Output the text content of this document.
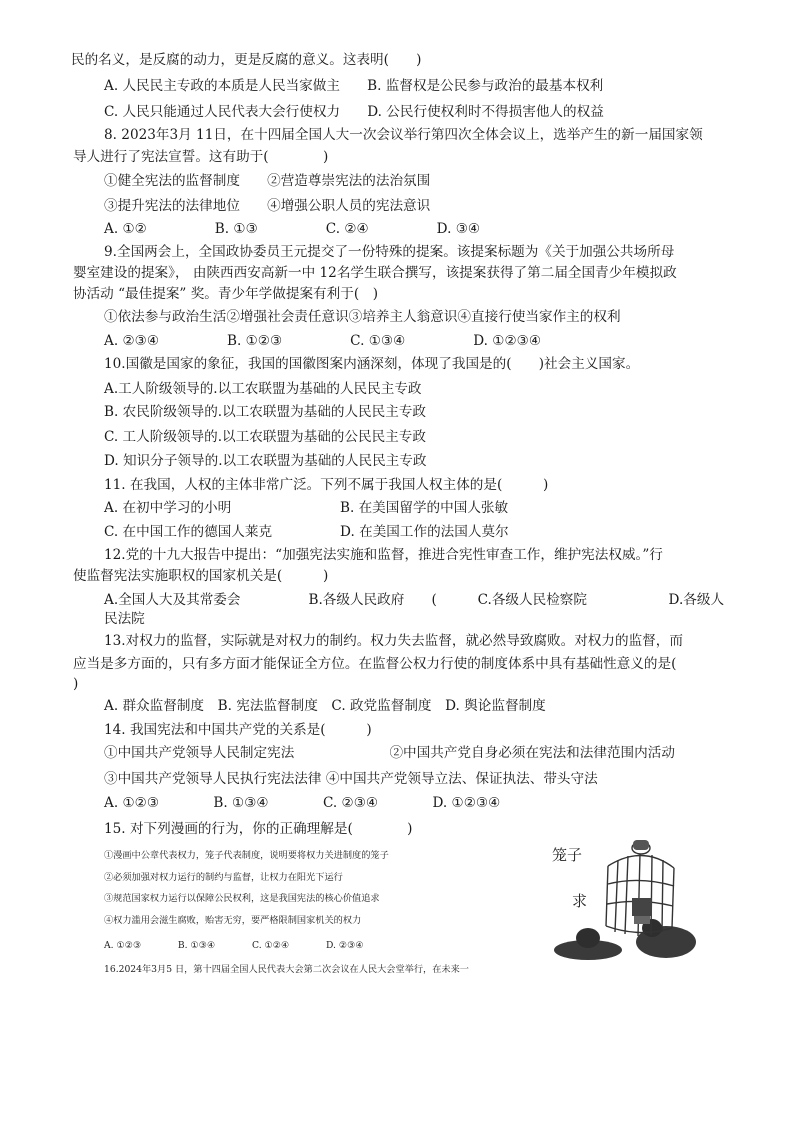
民的名义，是反腐的动力，更是反腐的意义。这表明(　　)
A. 人民民主专政的本质是人民当家做主　　B. 监督权是公民参与政治的最基本权利
C. 人民只能通过人民代表大会行使权力　　D. 公民行使权利时不得损害他人的权益
8. 2023年3月 11日，在十四届全国人大一次会议举行第四次全体会议上，选举产生的新一届国家领
导人进行了宪法宣誓。这有助于(　　　　)
①健全宪法的监督制度　　②营造尊崇宪法的法治氛围
③提升宪法的法律地位　　④增强公职人员的宪法意识
A. ①②　　　　　B. ①③　　　　　C. ②④　　　　　D. ③④
9.全国两会上，全国政协委员王元提交了一份特殊的提案。该提案标题为《关于加强公共场所母
婴室建设的提案》， 由陕西西安高新一中 12名学生联合撰写，该提案获得了第二届全国青少年模拟政
协活动 “最佳提案” 奖。青少年学做提案有利于(　)
①依法参与政治生活②增强社会责任意识③培养主人翁意识④直接行使当家作主的权利
A. ②③④　　　　　B. ①②③　　　　　C. ①③④　　　　　D. ①②③④
10.国徽是国家的象征，我国的国徽图案内涵深刻，体现了我国是的(　　)社会主义国家。
A.工人阶级领导的.以工农联盟为基础的人民民主专政
B. 农民阶级领导的.以工农联盟为基础的人民民主专政
C. 工人阶级领导的.以工农联盟为基础的公民民主专政
D. 知识分子领导的.以工农联盟为基础的人民民主专政
11. 在我国，人权的主体非常广泛。下列不属于我国人权主体的是(　　　)
A. 在初中学习的小明　　　　　　　　B. 在美国留学的中国人张敏
C. 在中国工作的德国人莱克　　　　　D. 在美国工作的法国人莫尔
12.党的十九大报告中提出：“加强宪法实施和监督，推进合宪性审查工作，维护宪法权威。”行
使监督宪法实施职权的国家机关是(　　　)
A.全国人大及其常委会　　　　　B.各级人民政府　　(　　　C.各级人民检察院　　　　　　D.各级人
民法院
13.对权力的监督，实际就是对权力的制约。权力失去监督，就必然导致腐败。对权力的监督，而
应当是多方面的，只有多方面才能保证全方位。在监督公权力行使的制度体系中具有基础性意义的是(
)
A. 群众监督制度　B. 宪法监督制度　C. 政党监督制度　D. 舆论监督制度
14. 我国宪法和中国共产党的关系是(　　　)
①中国共产党领导人民制定宪法　　　　　　　②中国共产党自身必须在宪法和法律范围内活动
③中国共产党领导人民执行宪法法律 ④中国共产党领导立法、保证执法、带头守法
A. ①②③　　　　B. ①③④　　　　C. ②③④　　　　D. ①②③④
15. 对下列漫画的行为，你的正确理解是(　　　　)
①漫画中公章代表权力，笼子代表制度，说明要将权力关进制度的笼子
②必须加强对权力运行的制约与监督，让权力在阳光下运行
③规范国家权力运行以保障公民权利，这是我国宪法的核心价值追求
④权力滥用会滋生腐败，贻害无穷，要严格限制国家机关的权力
A. ①②③　　　　B. ①③④　　　　C. ①②④　　　　D. ②③④
16.2024年3月5 日，第十四届全国人民代表大会第二次会议在人民大会堂举行，在未来一
笼子
求
